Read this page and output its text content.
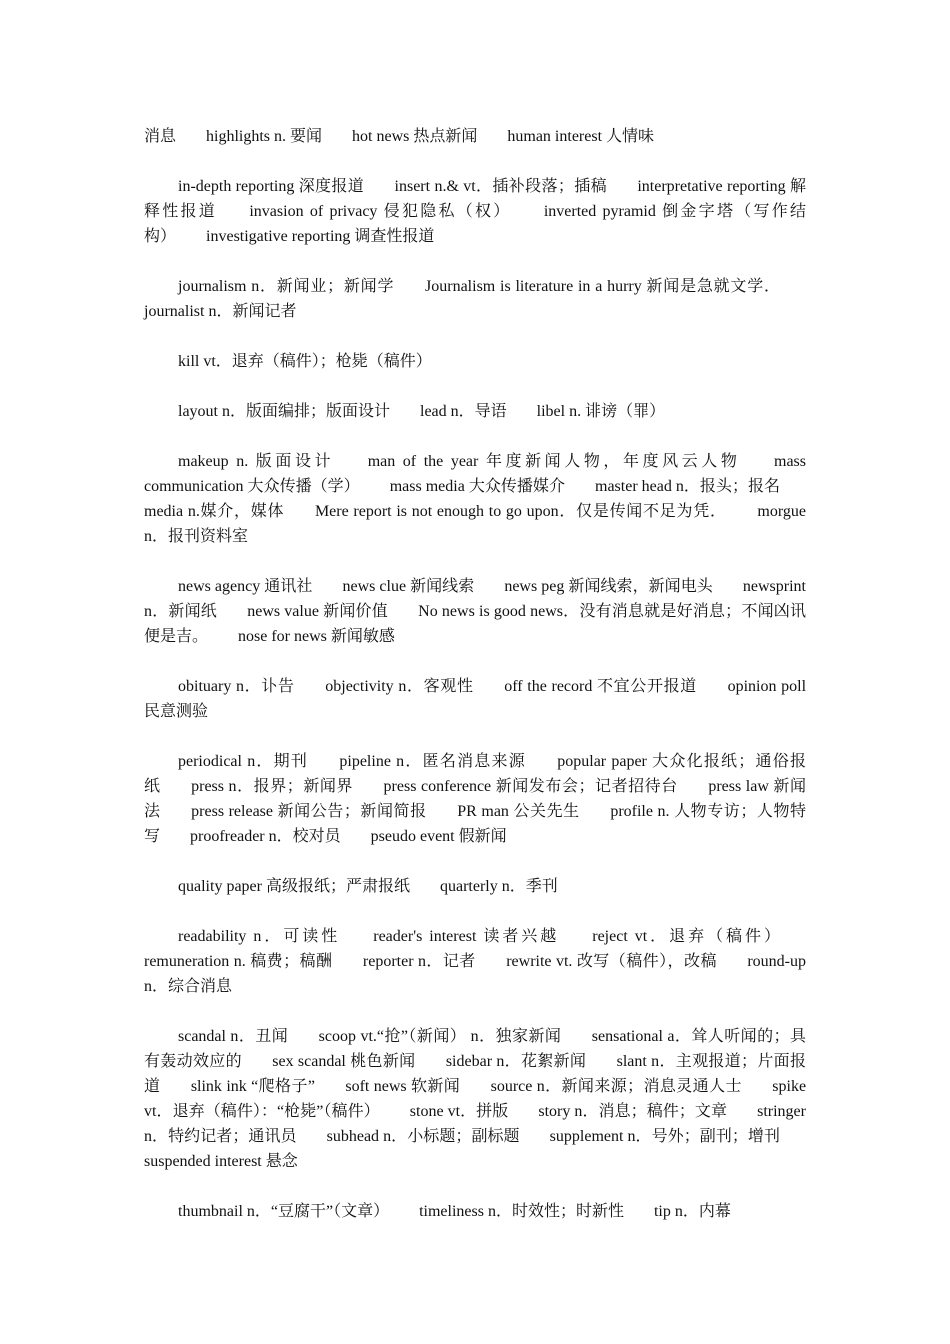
消息 highlights n. 要闻 hot news 热点新闻 human interest 人情味

in-depth reporting 深度报道 insert n.& vt．插补段落；插稿 interpretative reporting 解释性报道 invasion of privacy 侵犯隐私（权） inverted pyramid 倒金字塔（写作结构） investigative reporting 调查性报道

journalism n．新闻业；新闻学 Journalism is literature in a hurry 新闻是急就文学． journalist n．新闻记者

kill vt．退弃（稿件）；枪毙（稿件）

layout n．版面编排；版面设计 lead n．导语 libel n. 诽谤（罪）

makeup n. 版面设计 man of the year 年度新闻人物，年度风云人物 mass communication 大众传播（学） mass media 大众传播媒介 master head n．报头；报名 media n.媒介，媒体 Mere report is not enough to go upon．仅是传闻不足为凭． morgue n．报刊资料室

news agency 通讯社 news clue 新闻线索 news peg 新闻线索，新闻电头 newsprint n．新闻纸 news value 新闻价值 No news is good news．没有消息就是好消息；不闻凶讯便是吉。 nose for news 新闻敏感

obituary n．讣告 objectivity n．客观性 off the record 不宜公开报道 opinion poll 民意测验

periodical n．期刊 pipeline n．匿名消息来源 popular paper 大众化报纸；通俗报纸 press n．报界；新闻界 press conference 新闻发布会；记者招待台 press law 新闻法 press release 新闻公告；新闻简报 PR man 公关先生 profile n. 人物专访；人物特写 proofreader n．校对员 pseudo event 假新闻

quality paper 高级报纸；严肃报纸 quarterly n．季刊

readability n．可读性 reader's interest 读者兴越 reject vt．退弃（稿件） remuneration n. 稿费；稿酬 reporter n．记者 rewrite vt. 改写（稿件），改稿 round-up n．综合消息

scandal n．丑闻 scoop vt.“抢”（新闻） n．独家新闻 sensational a．耸人听闻的；具有轰动效应的 sex scandal 桃色新闻 sidebar n．花絮新闻 slant n．主观报道；片面报道 slink ink “爬格子” soft news 软新闻 source n．新闻来源；消息灵通人士 spike vt．退弃（稿件）：“枪毙”（稿件） stone vt．拼版 story n．消息；稿件；文章 stringer n．特约记者；通讯员 subhead n．小标题；副标题 supplement n．号外；副刊；增刊 suspended interest 悬念

thumbnail n．“豆腐干”（文章） timeliness n．时效性；时新性 tip n．内幕
